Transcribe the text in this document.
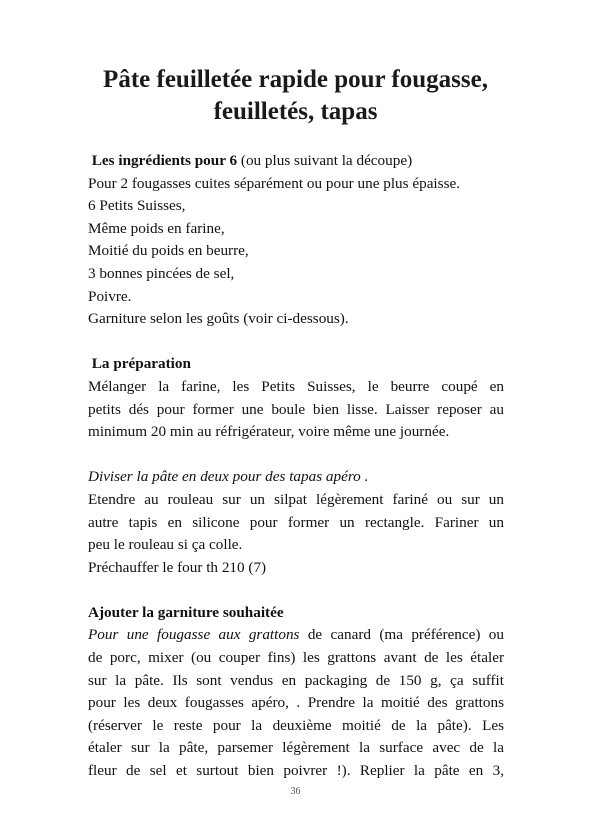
Pâte feuilletée rapide pour fougasse,
feuilletés, tapas
Les ingrédients pour 6 (ou plus suivant la découpe)
Pour 2 fougasses cuites séparément ou pour une plus épaisse.
6 Petits Suisses,
Même poids en farine,
Moitié du poids en beurre,
3 bonnes pincées de sel,
Poivre.
Garniture selon les goûts (voir ci-dessous).
La préparation
Mélanger la farine, les Petits Suisses, le beurre coupé en
petits dés pour former une boule bien lisse. Laisser reposer au
minimum 20 min au réfrigérateur, voire même une journée.
Diviser la pâte en deux pour des tapas apéro .
Etendre au rouleau sur un silpat légèrement fariné ou sur un
autre tapis en silicone pour former un rectangle. Fariner un
peu le rouleau si ça colle.
Préchauffer le four th 210 (7)
Ajouter la garniture souhaitée
Pour une fougasse aux grattons de canard (ma préférence) ou
de porc, mixer (ou couper fins) les grattons avant de les étaler
sur la pâte. Ils sont vendus en packaging de 150 g, ça suffit
pour les deux fougasses apéro, . Prendre la moitié des grattons
(réserver le reste pour la deuxième moitié de la pâte). Les
étaler sur la pâte, parsemer légèrement la surface avec de la
fleur de sel et surtout bien poivrer !). Replier la pâte en 3,
36
